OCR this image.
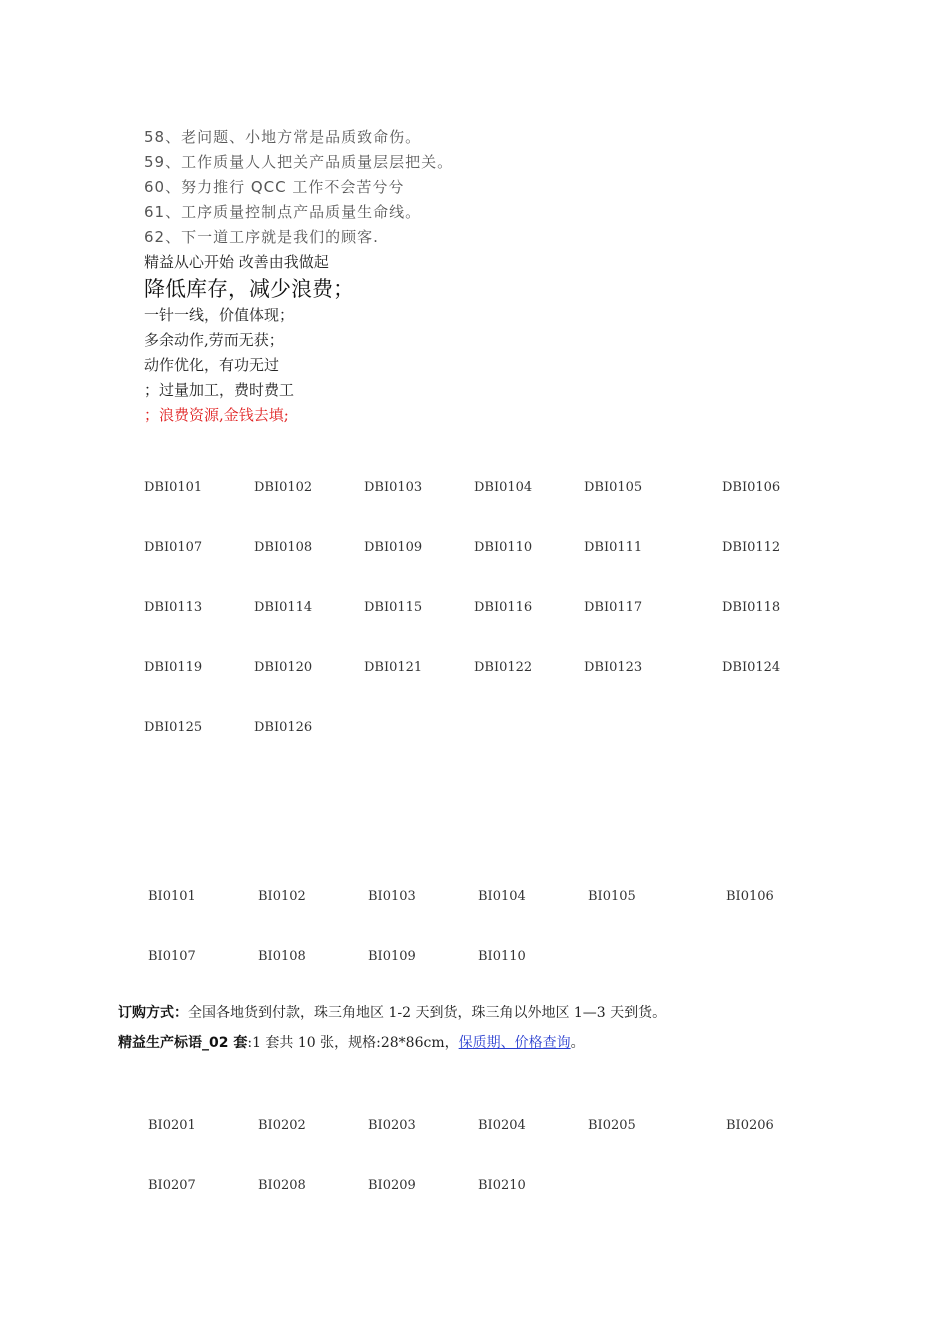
58、老问题、小地方常是品质致命伤。
59、工作质量人人把关产品质量层层把关。
60、努力推行 QCC 工作不会苦兮兮
61、工序质量控制点产品质量生命线。
62、下一道工序就是我们的顾客.
精益从心开始 改善由我做起
降低库存，减少浪费；
一针一线，价值体现；
多余动作,劳而无获；
动作优化，有功无过
；过量加工，费时费工
；浪费资源,金钱去填;
DBI0101	DBI0102	DBI0103	DBI0104	DBI0105	DBI0106
DBI0107	DBI0108	DBI0109	DBI0110	DBI0111	DBI0112
DBI0113	DBI0114	DBI0115	DBI0116	DBI0117	DBI0118
DBI0119	DBI0120	DBI0121	DBI0122	DBI0123	DBI0124
DBI0125	DBI0126
BI0101	BI0102	BI0103	BI0104	BI0105	BI0106
BI0107	BI0108	BI0109	BI0110
订购方式：全国各地货到付款，珠三角地区 1-2 天到货，珠三角以外地区 1—3 天到货。
精益生产标语_02 套:1 套共 10 张，规格:28*86cm，保质期、价格查询。
BI0201	BI0202	BI0203	BI0204	BI0205	BI0206
BI0207	BI0208	BI0209	BI0210
